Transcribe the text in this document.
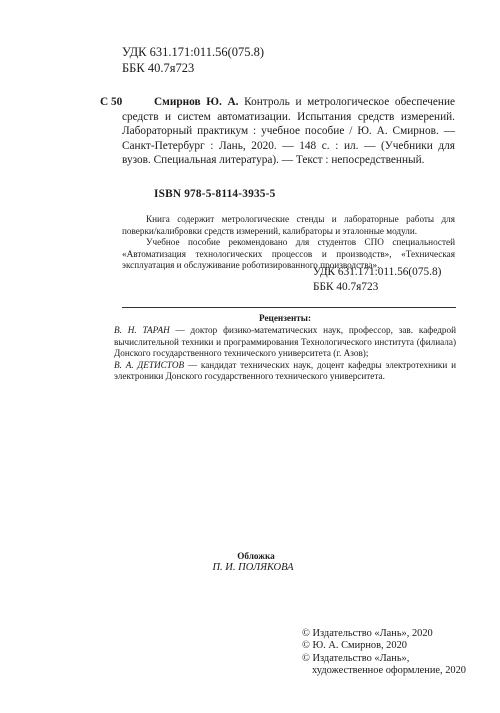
УДК 631.171:011.56(075.8)
ББК 40.7я723
С 50	Смирнов Ю. А. Контроль и метрологическое обеспечение средств и систем автоматизации. Испытания средств измерений. Лабораторный практикум : учебное пособие / Ю. А. Смирнов. — Санкт-Петербург : Лань, 2020. — 148 с. : ил. — (Учебники для вузов. Специальная литература). — Текст : непосредственный.

ISBN 978-5-8114-3935-5

Книга содержит метрологические стенды и лабораторные работы для поверки/калибровки средств измерений, калибраторы и эталонные модули.

Учебное пособие рекомендовано для студентов СПО специальностей «Автоматизация технологических процессов и производств», «Техническая эксплуатация и обслуживание роботизированного производства».

УДК 631.171:011.56(075.8)
ББК 40.7я723
Рецензенты:

В. Н. ТАРАН — доктор физико-математических наук, профессор, зав. кафедрой вычислительной техники и программирования Технологического института (филиала) Донского государственного технического университета (г. Азов);

В. А. ДЕТИСТОВ — кандидат технических наук, доцент кафедры электротехники и электроники Донского государственного технического университета.

Обложка
П. И. ПОЛЯКОВА
© Издательство «Лань», 2020
© Ю. А. Смирнов, 2020
© Издательство «Лань»,
художественное оформление, 2020
